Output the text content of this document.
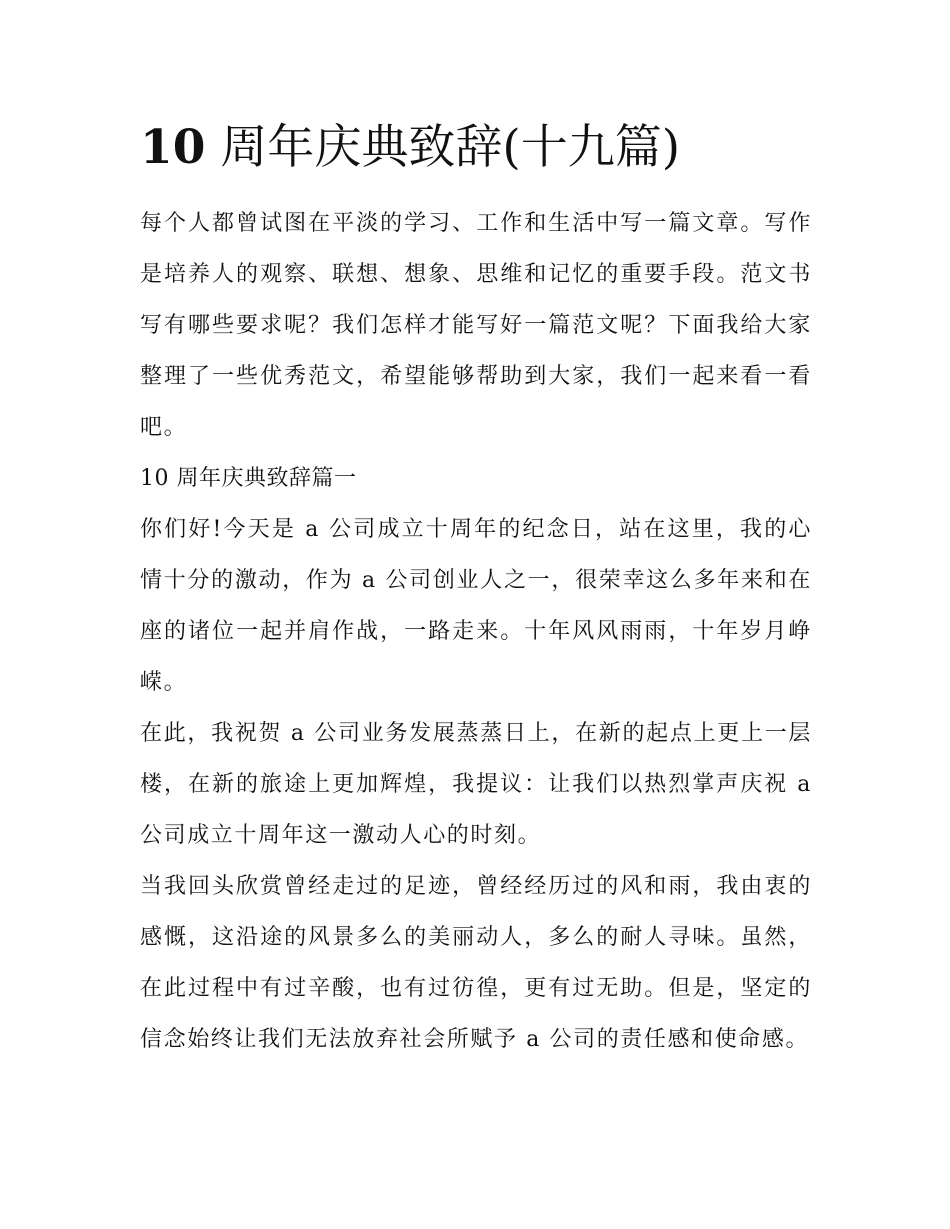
10 周年庆典致辞(十九篇)

每个人都曾试图在平淡的学习、工作和生活中写一篇文章。写作是培养人的观察、联想、想象、思维和记忆的重要手段。范文书写有哪些要求呢？我们怎样才能写好一篇范文呢？下面我给大家整理了一些优秀范文，希望能够帮助到大家，我们一起来看一看吧。

10 周年庆典致辞篇一

你们好!今天是 a 公司成立十周年的纪念日，站在这里，我的心情十分的激动，作为 a 公司创业人之一，很荣幸这么多年来和在座的诸位一起并肩作战，一路走来。十年风风雨雨，十年岁月峥嵘。

在此，我祝贺 a 公司业务发展蒸蒸日上，在新的起点上更上一层楼，在新的旅途上更加辉煌，我提议：让我们以热烈掌声庆祝 a 公司成立十周年这一激动人心的时刻。

当我回头欣赏曾经走过的足迹，曾经经历过的风和雨，我由衷的感慨，这沿途的风景多么的美丽动人，多么的耐人寻味。虽然，在此过程中有过辛酸，也有过彷徨，更有过无助。但是，坚定的信念始终让我们无法放弃社会所赋予 a 公司的责任感和使命感。
